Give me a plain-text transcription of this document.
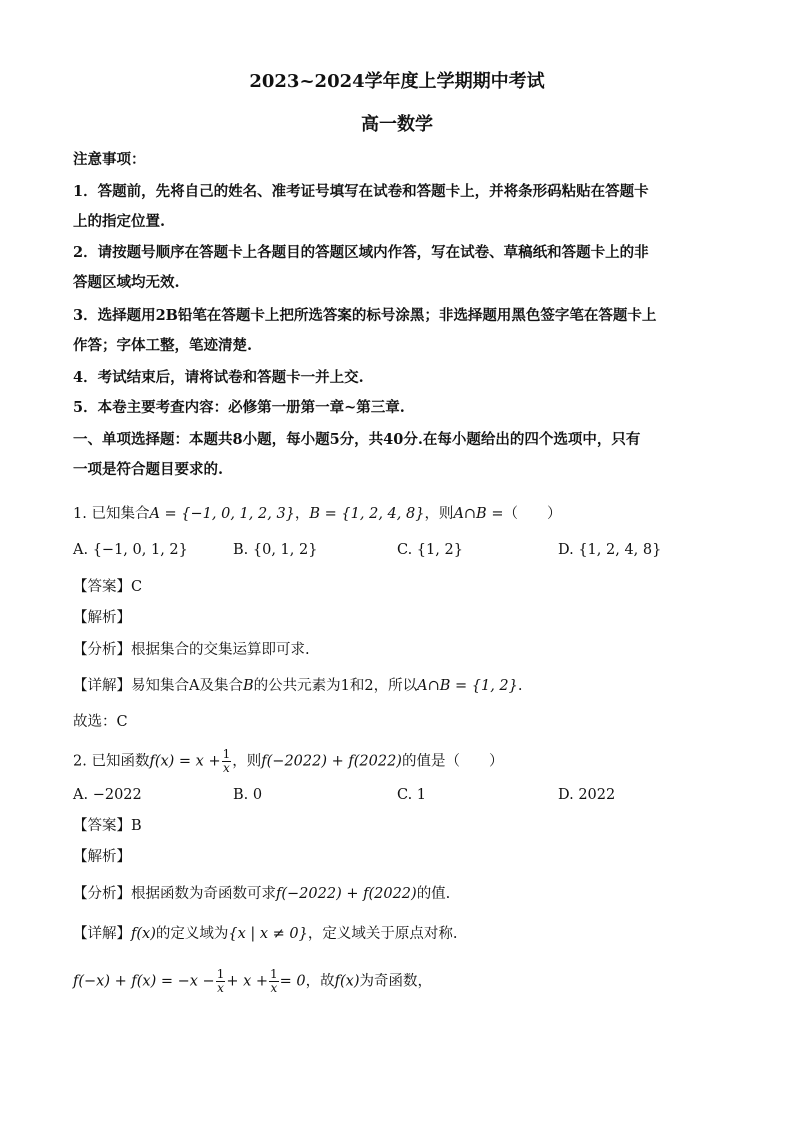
2023~2024学年度上学期期中考试
高一数学
注意事项：
1．答题前，先将自己的姓名、准考证号填写在试卷和答题卡上，并将条形码粘贴在答题卡
上的指定位置.
2．请按题号顺序在答题卡上各题目的答题区域内作答，写在试卷、草稿纸和答题卡上的非
答题区域均无效.
3．选择题用2B铅笔在答题卡上把所选答案的标号涂黑；非选择题用黑色签字笔在答题卡上
作答；字体工整，笔迹清楚.
4．考试结束后，请将试卷和答题卡一并上交.
5．本卷主要考查内容：必修第一册第一章~第三章.
一、单项选择题：本题共8小题，每小题5分，共40分.在每小题给出的四个选项中，只有
一项是符合题目要求的.
1. 已知集合A = {−1, 0, 1, 2, 3}，B = {1, 2, 4, 8}，则A∩B =（　　）
A. {−1, 0, 1, 2}	B. {0, 1, 2}	C. {1, 2}	D. {1, 2, 4, 8}
【答案】C
【解析】
【分析】根据集合的交集运算即可求.
【详解】易知集合A及集合B的公共元素为1和2，所以A∩B = {1, 2}.
故选：C
2. 已知函数$f(x) = x + \frac{1}{x}$ ，则f(−2022) + f(2022)的值是（　　）
A. −2022	B. 0	C. 1	D. 2022
【答案】B
【解析】
【分析】根据函数为奇函数可求f(−2022) + f(2022)的值.
【详解】f(x)的定义域为{x | x ≠ 0}，定义域关于原点对称.
$f(-x) + f(x) = -x - \frac{1}{x} + x + \frac{1}{x} = 0$，故f(x)为奇函数，
